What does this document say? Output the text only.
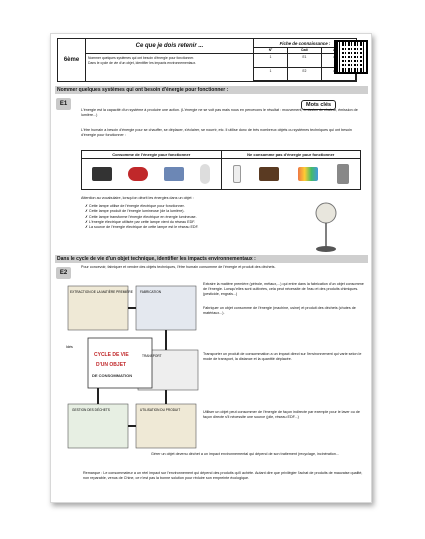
6ème
Ce que je dois retenir ...
Nommer quelques systèmes qui ont besoin d'énergie pour fonctionner.
Dans le cycle de vie d'un objet, identifier les impacts environnementaux.
Fiche de connaissance :
N°	Cadi
1	E1
1	E2
Nommer quelques systèmes qui ont besoin d'énergie pour fonctionner :
E1	Mots clés
L'énergie est la capacité d'un système à produire une action. (L'énergie ne se voit pas mais nous en percevons le résultat : mouvement, émission de chaleur, émission de lumière...)
L'être humain a besoin d'énergie pour se chauffer, se déplacer, s'éclairer, se nourrir, etc. Il utilise donc de très nombreux objets ou systèmes techniques qui ont besoin d'énergie pour fonctionner :
Consomme de l'énergie pour fonctionner	Ne consomme pas d'énergie pour fonctionner
Attention au vocabulaire, lorsqu'on décrit les énergies dans un objet :
✗ Cette lampe utilise de l'énergie électrique pour fonctionner.
✗ Cette lampe produit de l'énergie lumineuse (de la lumière).
✗ Cette lampe transforme l'énergie électrique en énergie lumineuse.
✗ L'énergie électrique utilisée par cette lampe vient du réseau EDF.
✗ La source de l'énergie électrique de cette lampe est le réseau EDF.
Dans le cycle de vie d'un objet technique, identifier les impacts environnementaux :
E2
Pour concevoir, fabriquer et vendre des objets techniques, l'être humain consomme de l'énergie et produit des déchets.
EXTRACTION DE LA MATIÈRE PREMIÈRE FABRICATION
TRANSPORT
UTILISATION DU PRODUIT
GESTION DES DÉCHETS
CYCLE DE VIE
D'UN OBJET
DE CONSOMMATION
Idés
Extraire la matière première (pétrole, métaux,...) qui entre dans la fabrication d'un objet consomme de l'énergie. Lorsqu'elles sont cultivées, cela peut nécessite de l'eau et des produits chimiques. (pesticide, engrais...)
Fabriquer un objet consomme de l'énergie (machine, usine) et produit des déchets (chutes de matériaux...).
Transporter un produit de consommation a un impact direct sur l'environnement qui varie selon le mode de transport, la distance et la quantité déplacée.
Utiliser un objet peut consommer de l'énergie de façon indirecte par exemple pour le laver ou de façon directe s'il nécessite une source (pile, réseau EDF...)
Gérer un objet devenu déchet a un impact environnemental qui dépend de son traitement (recyclage, incinération...
Remarque : Le consommateur a un réel impact sur l'environnement qui dépend des produits qu'il achète. Autant dire que privilégier l'achat de produits de mauvaise qualité, non reparable, venus de Chine, ce n'est pas la bonne solution pour réduire son empreinte écologique.
